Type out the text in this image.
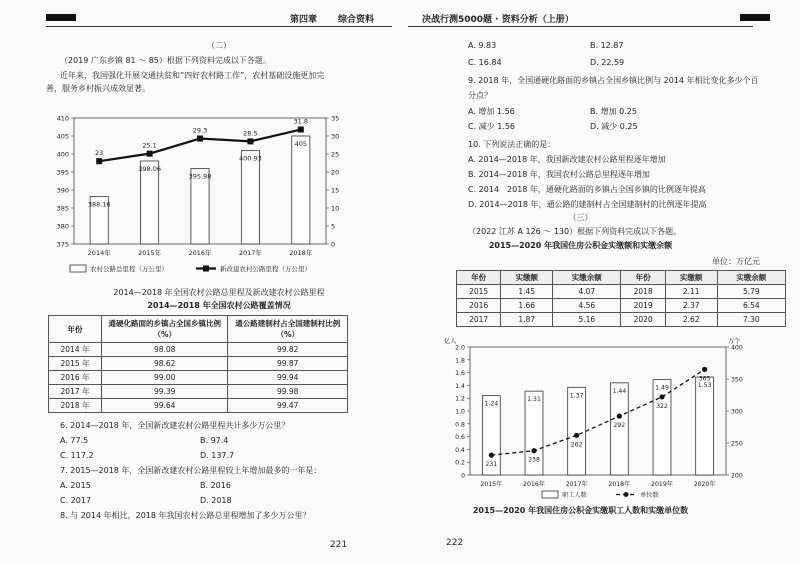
第四章 综合资料
（二）
（2019 广东乡镇 81 ～ 85）根据下列资料完成以下各题。
近年来，我国强化开展交通扶贫和“四好农村路工作”，农村基础设施更加完
善，服务乡村振兴成效显著。
375
380
385
390
395
400
405
410
0
5
10
15
20
25
30
35
388.16
398.06
395.98
400.93
405
2014年	2015年	2016年	2017年	2018年
23
25.1
29.3	28.5
31.8
农村公路总里程（万公里）	新改建农村公路里程（万公里）
2014—2018 年全国农村公路总里程及新改建农村公路里程
2014—2018 年全国农村公路覆盖情况
年份	通硬化路面的乡镇占全国乡镇比例（%）	通公路建制村占全国建制村比例（%）
2014 年	98.08	99.82
2015 年	98.62	99.87
2016 年	99.00	99.94
2017 年	99.39	99.98
2018 年	99.64	99.47
6. 2014—2018 年，全国新改建农村公路里程共计多少万公里？
A. 77.5	B. 97.4
C. 117.2	D. 137.7
7. 2015—2018 年，全国新改建农村公路里程较上年增加最多的一年是：
A. 2015	B. 2016
C. 2017	D. 2018
8. 与 2014 年相比，2018 年我国农村公路总里程增加了多少万公里？
221
决战行测5000题 · 资料分析（上册）
A. 9.83	B. 12.87
C. 16.84	D. 22.59
9. 2018 年，全国通硬化路面的乡镇占全国乡镇比例与 2014 年相比变化多少个百
分点？
A. 增加 1.56	B. 增加 0.25
C. 减少 1.56	D. 减少 0.25
10. 下列说法正确的是：
A. 2014—2018 年，我国新改建农村公路里程逐年增加
B. 2014—2018 年，我国农村公路总里程逐年增加
C. 2014　2018 年，通硬化路面的乡镇占全国乡镇的比例逐年提高
D. 2014—2018 年，通公路的建制村占全国建制村的比例逐年提高
（三）
（2022 江苏 A 126 ～ 130）根据下列资料完成以下各题。
2015—2020 年我国住房公积金实缴额和实缴余额
单位：万亿元
年份	实缴额	实缴余额	年份	实缴额	实缴余额
2015	1.45	4.07	2018	2.11	5.79
2016	1.66	4.56	2019	2.37	6.54
2017	1.87	5.16	2020	2.62	7.30
0
0.2
0.4
0.6
0.8
1.0
1.2
1.4
1.6
1.8
2.0
200
250
300
350
400
亿人	万个
1.24
1.31
1.37
1.44	1.49	1.53
2015年	2016年	2017年	2018年	2019年	2020年
231
238
262
292
322
365
职工人数	单位数
2015—2020 年我国住房公积金实缴职工人数和实缴单位数
222
